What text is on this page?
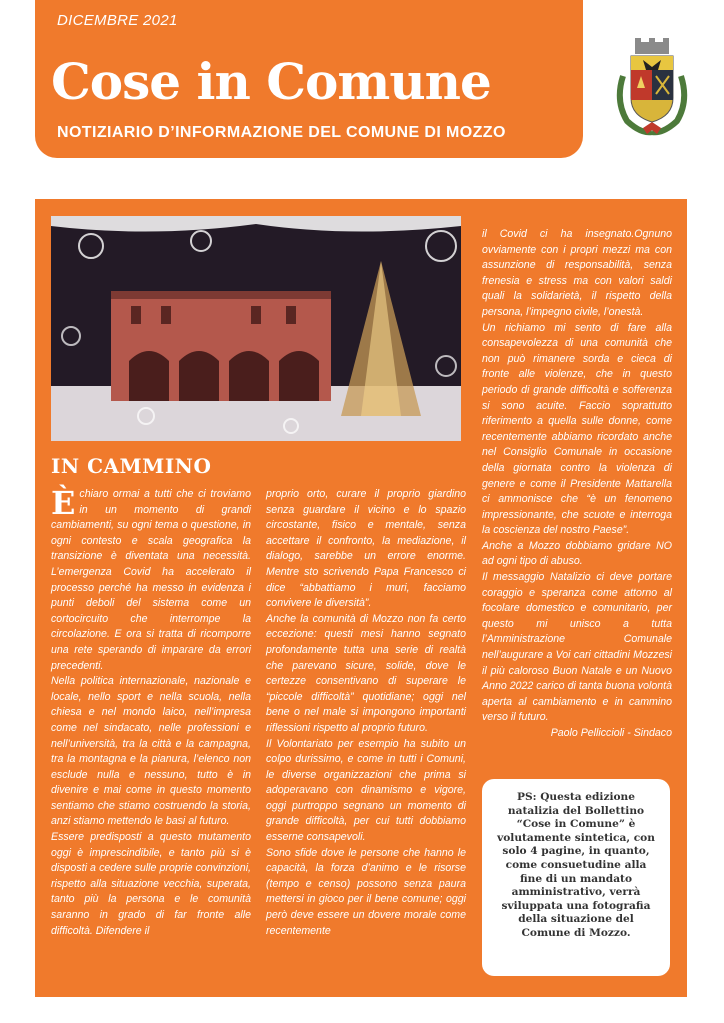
DICEMBRE 2021
Cose in Comune
NOTIZIARIO D’INFORMAZIONE DEL COMUNE DI MOZZO
IN CAMMINO

Èchiaro ormai a tutti che ci troviamo in un momento di grandi cambiamenti, su ogni tema o questione, in ogni contesto e scala geografica la transizione è diventata una necessità. L’emergenza Covid ha accelerato il processo perché ha messo in evidenza i punti deboli del sistema come un cortocircuito che interrompe la circolazione. E ora si tratta di ricomporre una rete sperando di imparare da errori precedenti.

Nella politica internazionale, nazionale e locale, nello sport e nella scuola, nella chiesa e nel mondo laico, nell’impresa come nel sindacato, nelle professioni e nell’università, tra la città e la campagna, tra la montagna e la pianura, l’elenco non esclude nulla e nessuno, tutto è in divenire e mai come in questo momento sentiamo che stiamo costruendo la storia, anzi stiamo mettendo le basi al futuro.

Essere predisposti a questo mutamento oggi è imprescindibile, e tanto più si è disposti a cedere sulle proprie convinzioni, rispetto alla situazione vecchia, superata, tanto più la persona e le comunità saranno in grado di far fronte alle difficoltà. Difendere il

proprio orto, curare il proprio giardino senza guardare il vicino e lo spazio circostante, fisico e mentale, senza accettare il confronto, la mediazione, il dialogo, sarebbe un errore enorme. Mentre sto scrivendo Papa Francesco ci dice “abbattiamo i muri, facciamo convivere le diversità”.

Anche la comunità di Mozzo non fa certo eccezione: questi mesi hanno segnato profondamente tutta una serie di realtà che parevano sicure, solide, dove le certezze consentivano di superare le “piccole difficoltà” quotidiane; oggi nel bene o nel male si impongono importanti riflessioni rispetto al proprio futuro.

Il Volontariato per esempio ha subito un colpo durissimo, e come in tutti i Comuni, le diverse organizzazioni che prima si adoperavano con dinamismo e vigore, oggi purtroppo segnano un momento di grande difficoltà, per cui tutti dobbiamo esserne consapevoli.

Sono sfide dove le persone che hanno le capacità, la forza d’animo e le risorse (tempo e censo) possono senza paura mettersi in gioco per il bene comune; oggi però deve essere un dovere morale come recentemente

il Covid ci ha insegnato.Ognuno ovviamente con i propri mezzi ma con assunzione di responsabilità, senza frenesia e stress ma con valori saldi quali la solidarietà, il rispetto della persona, l’impegno civile, l’onestà.

Un richiamo mi sento di fare alla consapevolezza di una comunità che non può rimanere sorda e cieca di fronte alle violenze, che in questo periodo di grande difficoltà e sofferenza si sono acuite. Faccio soprattutto riferimento a quella sulle donne, come recentemente abbiamo ricordato anche nel Consiglio Comunale in occasione della giornata contro la violenza di genere e come il Presidente Mattarella ci ammonisce che “è un fenomeno impressionante, che scuote e interroga la coscienza del nostro Paese”.

Anche a Mozzo dobbiamo gridare NO ad ogni tipo di abuso.

Il messaggio Natalizio ci deve portare coraggio e speranza come attorno al focolare domestico e comunitario, per questo mi unisco a tutta l’Amministrazione Comunale nell’augurare a Voi cari cittadini Mozzesi il più caloroso Buon Natale e un Nuovo Anno 2022 carico di tanta buona volontà aperta al cambiamento e in cammino verso il futuro.

Paolo Pelliccioli - Sindaco

PS: Questa edizione natalizia del Bollettino “Cose in Comune” è volutamente sintetica, con solo 4 pagine, in quanto, come consuetudine alla fine di un mandato amministrativo, verrà sviluppata una fotografia della situazione del Comune di Mozzo.
